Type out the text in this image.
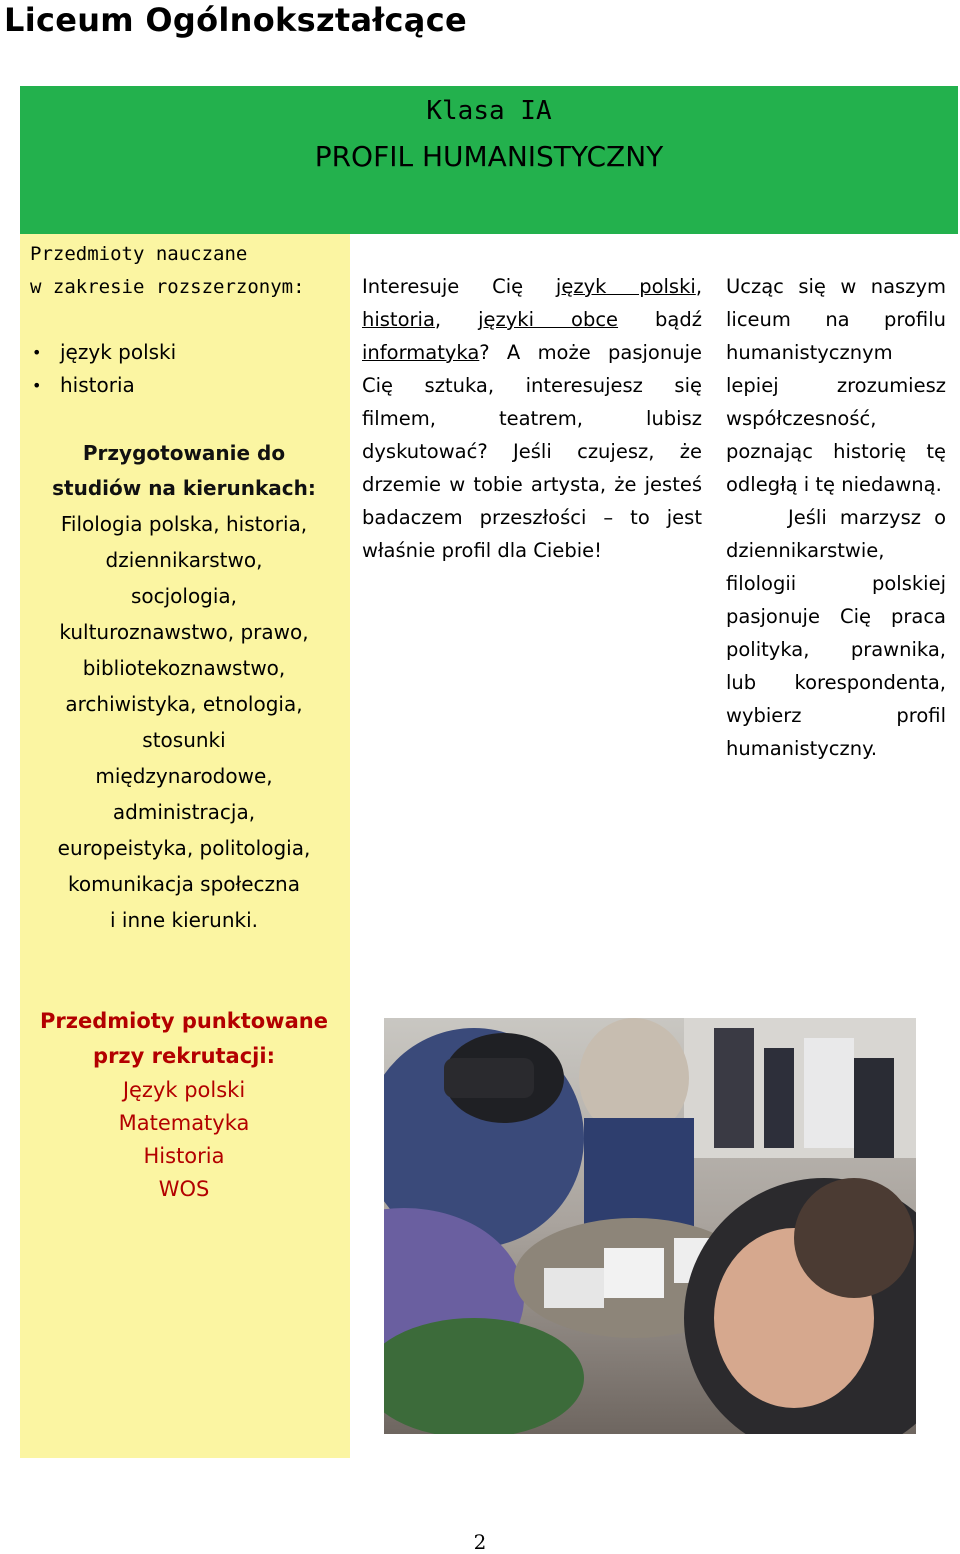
Liceum Ogólnokształcące
Klasa IA
PROFIL HUMANISTYCZNY
Przedmioty nauczane
w zakresie rozszerzonym:
• język polski
• historia
Przygotowanie do
studiów na kierunkach:
Filologia polska, historia,
dziennikarstwo,
socjologia,
kulturoznawstwo, prawo,
bibliotekoznawstwo,
archiwistyka, etnologia,
stosunki
międzynarodowe,
administracja,
europeistyka, politologia,
komunikacja społeczna
i inne kierunki.
Przedmioty punktowane
przy rekrutacji:
Język polski
Matematyka
Historia
WOS
Interesuje Cię język polski, historia, języki obce bądź informatyka? A może pasjonuje Cię sztuka, interesujesz się filmem, teatrem, lubisz dyskutować? Jeśli czujesz, że drzemie w tobie artysta, że jesteś badaczem przeszłości – to jest właśnie profil dla Ciebie!
Ucząc się w naszym liceum na profilu humanistycznym lepiej zrozumiesz współczesność, poznając historię tę odległą i tę niedawną.
Jeśli marzysz o dziennikarstwie, filologii polskiej pasjonuje Cię praca polityka, prawnika, lub korespondenta, wybierz profil humanistyczny.
2
